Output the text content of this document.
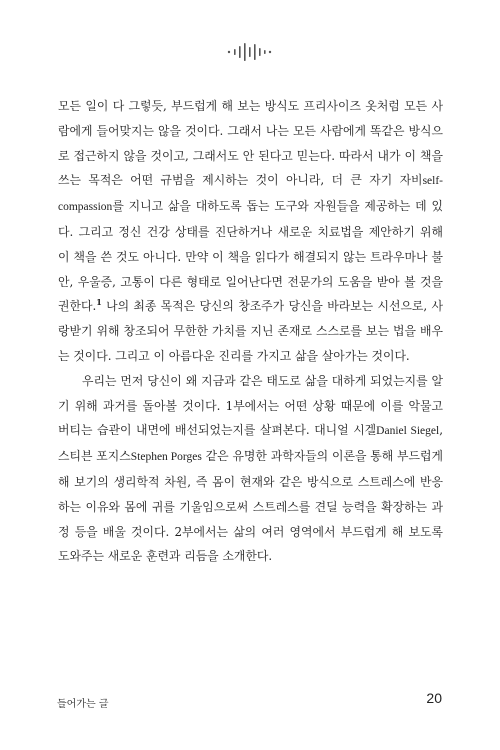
모든 일이 다 그렇듯, 부드럽게 해 보는 방식도 프리사이즈 옷처럼 모든 사람에게 들어맞지는 않을 것이다. 그래서 나는 모든 사람에게 똑같은 방식으로 접근하지 않을 것이고, 그래서도 안 된다고 믿는다. 따라서 내가 이 책을 쓰는 목적은 어떤 규범을 제시하는 것이 아니라, 더 큰 자기 자비self-compassion를 지니고 삶을 대하도록 돕는 도구와 자원들을 제공하는 데 있다. 그리고 정신 건강 상태를 진단하거나 새로운 치료법을 제안하기 위해 이 책을 쓴 것도 아니다. 만약 이 책을 읽다가 해결되지 않는 트라우마나 불안, 우울증, 고통이 다른 형태로 일어난다면 전문가의 도움을 받아 볼 것을 권한다.$^1$ 나의 최종 목적은 당신의 창조주가 당신을 바라보는 시선으로, 사랑받기 위해 창조되어 무한한 가치를 지닌 존재로 스스로를 보는 법을 배우는 것이다. 그리고 이 아름다운 진리를 가지고 삶을 살아가는 것이다.

우리는 먼저 당신이 왜 지금과 같은 태도로 삶을 대하게 되었는지를 알기 위해 과거를 돌아볼 것이다. 1부에서는 어떤 상황 때문에 이를 악물고 버티는 습관이 내면에 배선되었는지를 살펴본다. 대니얼 시겔Daniel Siegel, 스티븐 포지스Stephen Porges 같은 유명한 과학자들의 이론을 통해 부드럽게 해 보기의 생리학적 차원, 즉 몸이 현재와 같은 방식으로 스트레스에 반응하는 이유와 몸에 귀를 기울임으로써 스트레스를 견딜 능력을 확장하는 과정 등을 배울 것이다. 2부에서는 삶의 여러 영역에서 부드럽게 해 보도록 도와주는 새로운 훈련과 리듬을 소개한다.

들어가는 글	20
